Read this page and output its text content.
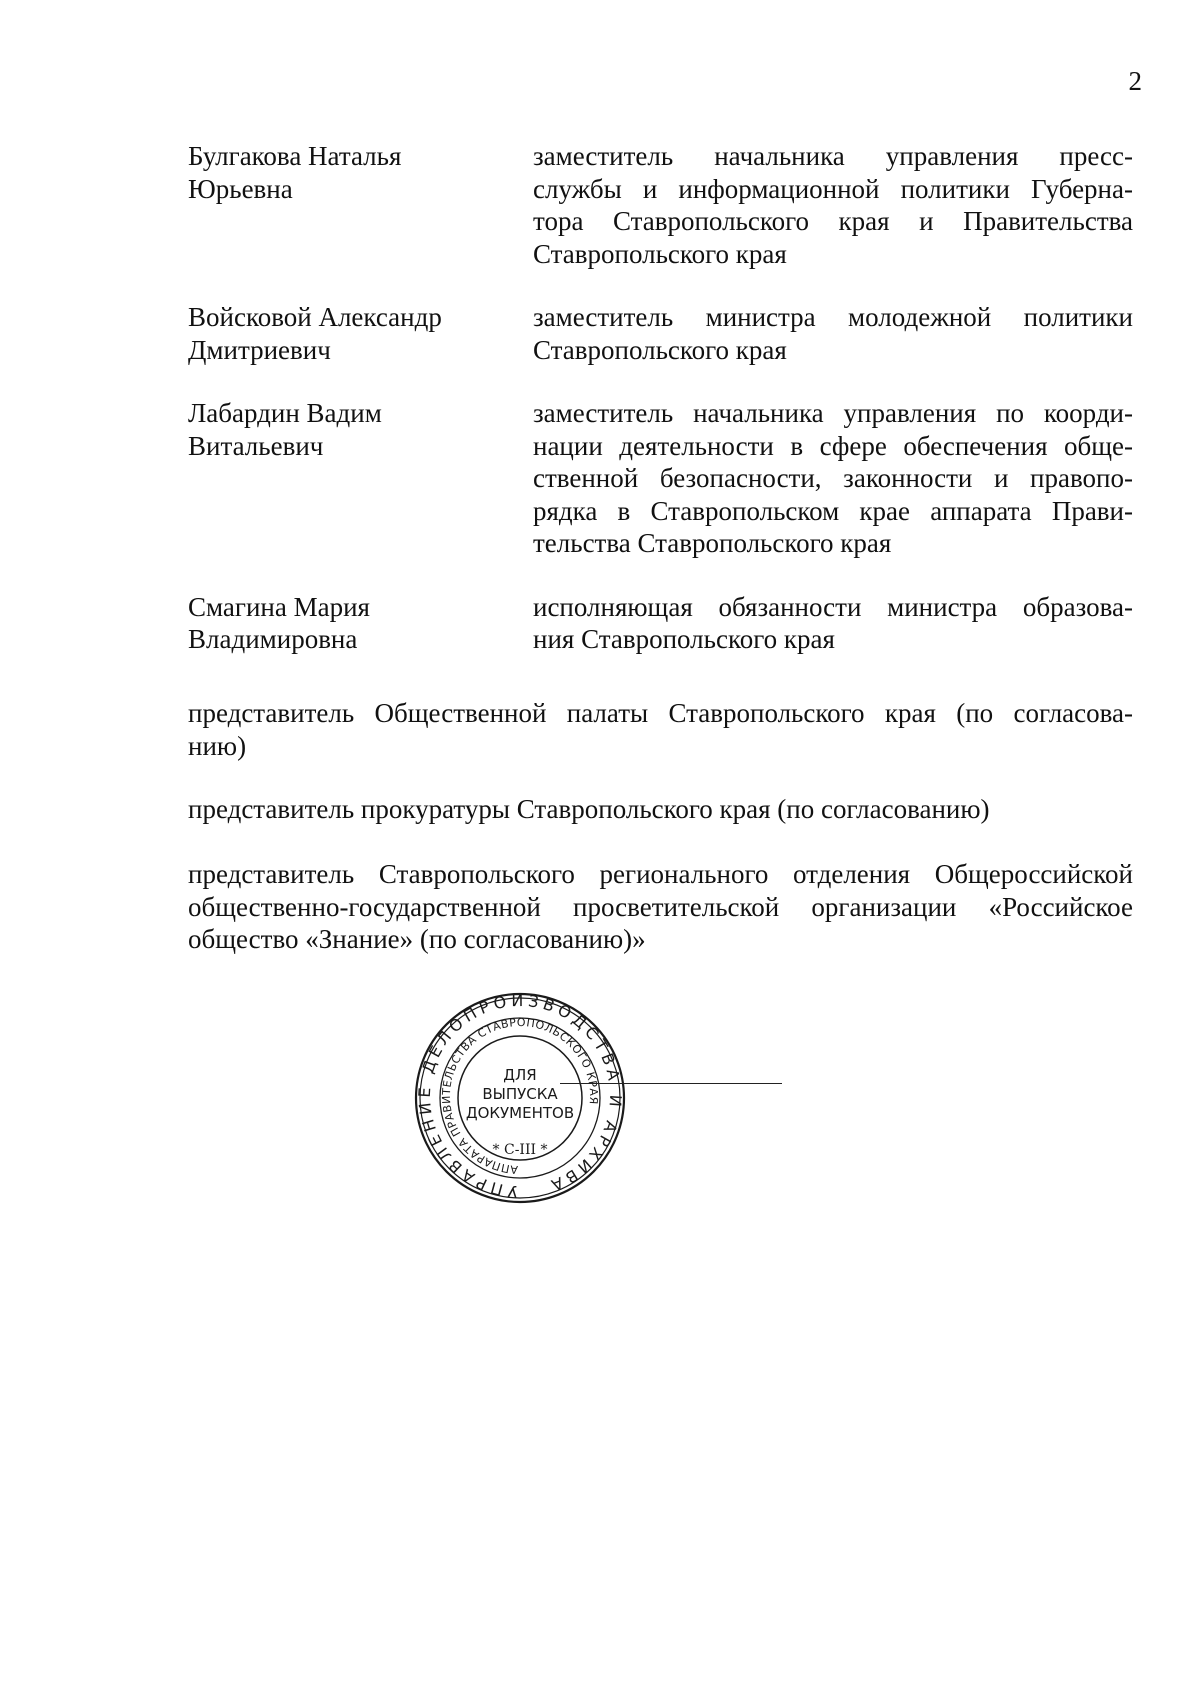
2
Булгакова Наталья
Юрьевна
заместитель начальника управления пресс-
службы и информационной политики Губерна-
тора Ставропольского края и Правительства
Ставропольского края
Войсковой Александр
Дмитриевич
заместитель министра молодежной политики
Ставропольского края
Лабардин Вадим
Витальевич
заместитель начальника управления по коорди-
нации деятельности в сфере обеспечения обще-
ственной безопасности, законности и правопо-
рядка в Ставропольском крае аппарата Прави-
тельства Ставропольского края
Смагина Мария
Владимировна
исполняющая обязанности министра образова-
ния Ставропольского края
представитель Общественной палаты Ставропольского края (по согласова-
нию)
представитель прокуратуры Ставропольского края (по согласованию)
представитель Ставропольского регионального отделения Общероссийской
общественно-государственной просветительской организации «Российское
общество «Знание» (по согласованию)»
УПРАВЛЕНИЕ ДЕЛОПРОИЗВОДСТВА И АРХИВА
АППАРАТА ПРАВИТЕЛЬСТВА СТАВРОПОЛЬСКОГО КРАЯ
ДЛЯ
ВЫПУСКА
ДОКУМЕНТОВ
* С-III *
